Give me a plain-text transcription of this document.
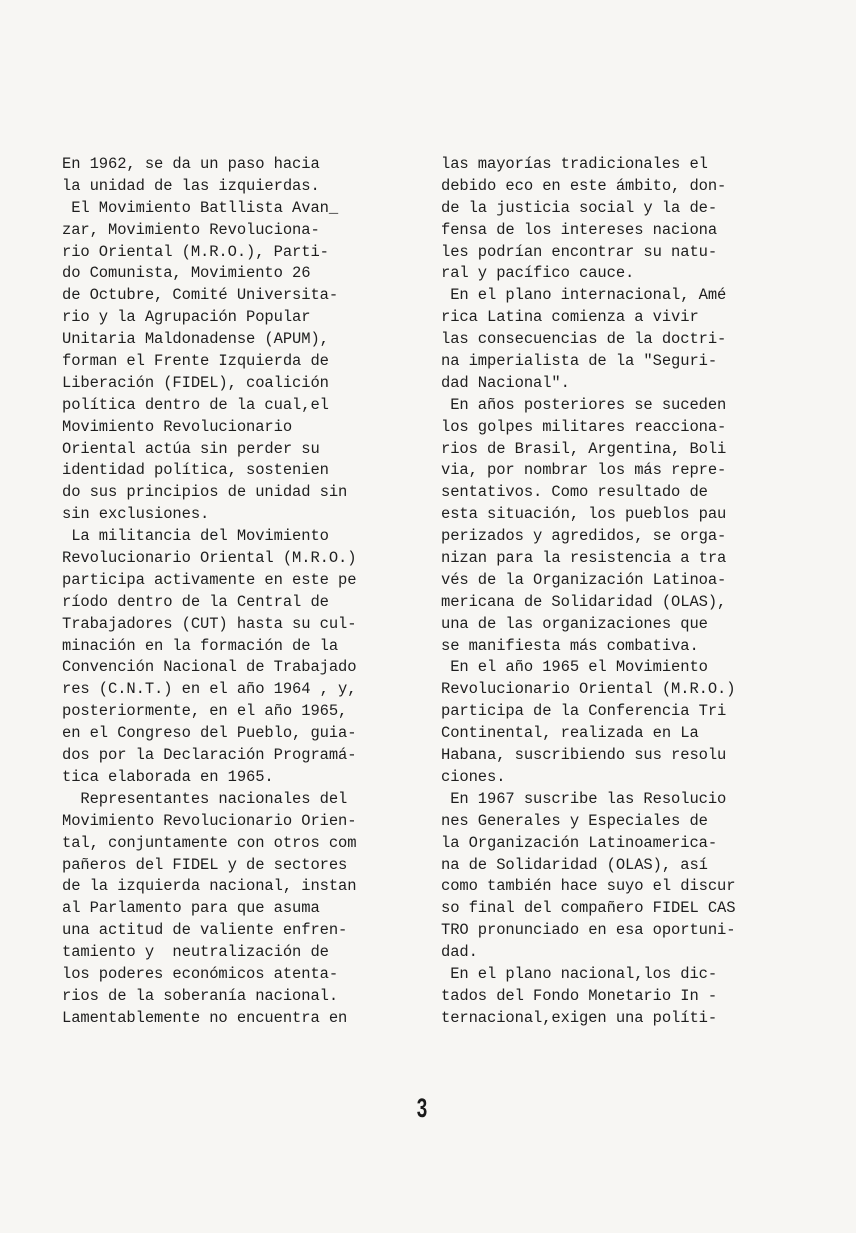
En 1962, se da un paso hacia
la unidad de las izquierdas.
El Movimiento Batllista Avan_
zar, Movimiento Revoluciona-
rio Oriental (M.R.O.), Parti-
do Comunista, Movimiento 26
de Octubre, Comité Universita-
rio y la Agrupación Popular
Unitaria Maldonadense (APUM),
forman el Frente Izquierda de
Liberación (FIDEL), coalición
política dentro de la cual,el
Movimiento Revolucionario
Oriental actúa sin perder su
identidad política, sostenien
do sus principios de unidad sin
sin exclusiones.
La militancia del Movimiento
Revolucionario Oriental (M.R.O.)
participa activamente en este pe
ríodo dentro de la Central de
Trabajadores (CUT) hasta su cul-
minación en la formación de la
Convención Nacional de Trabajado
res (C.N.T.) en el año 1964 , y,
posteriormente, en el año 1965,
en el Congreso del Pueblo, guia-
dos por la Declaración Programá-
tica elaborada en 1965.
Representantes nacionales del
Movimiento Revolucionario Orien-
tal, conjuntamente con otros com
pañeros del FIDEL y de sectores
de la izquierda nacional, instan
al Parlamento para que asuma
una actitud de valiente enfren-
tamiento y  neutralización de
los poderes económicos atenta-
rios de la soberanía nacional.
Lamentablemente no encuentra en
las mayorías tradicionales el
debido eco en este ámbito, don-
de la justicia social y la de-
fensa de los intereses naciona
les podrían encontrar su natu-
ral y pacífico cauce.
En el plano internacional, Amé
rica Latina comienza a vivir
las consecuencias de la doctri-
na imperialista de la "Seguri-
dad Nacional".
En años posteriores se suceden
los golpes militares reacciona-
rios de Brasil, Argentina, Boli
via, por nombrar los más repre-
sentativos. Como resultado de
esta situación, los pueblos pau
perizados y agredidos, se orga-
nizan para la resistencia a tra
vés de la Organización Latinoa-
mericana de Solidaridad (OLAS),
una de las organizaciones que
se manifiesta más combativa.
En el año 1965 el Movimiento
Revolucionario Oriental (M.R.O.)
participa de la Conferencia Tri
Continental, realizada en La
Habana, suscribiendo sus resolu
ciones.
En 1967 suscribe las Resolucio
nes Generales y Especiales de
la Organización Latinoamerica-
na de Solidaridad (OLAS), así
como también hace suyo el discur
so final del compañero FIDEL CAS
TRO pronunciado en esa oportuni-
dad.
En el plano nacional,los dic-
tados del Fondo Monetario In -
ternacional,exigen una políti-
3
